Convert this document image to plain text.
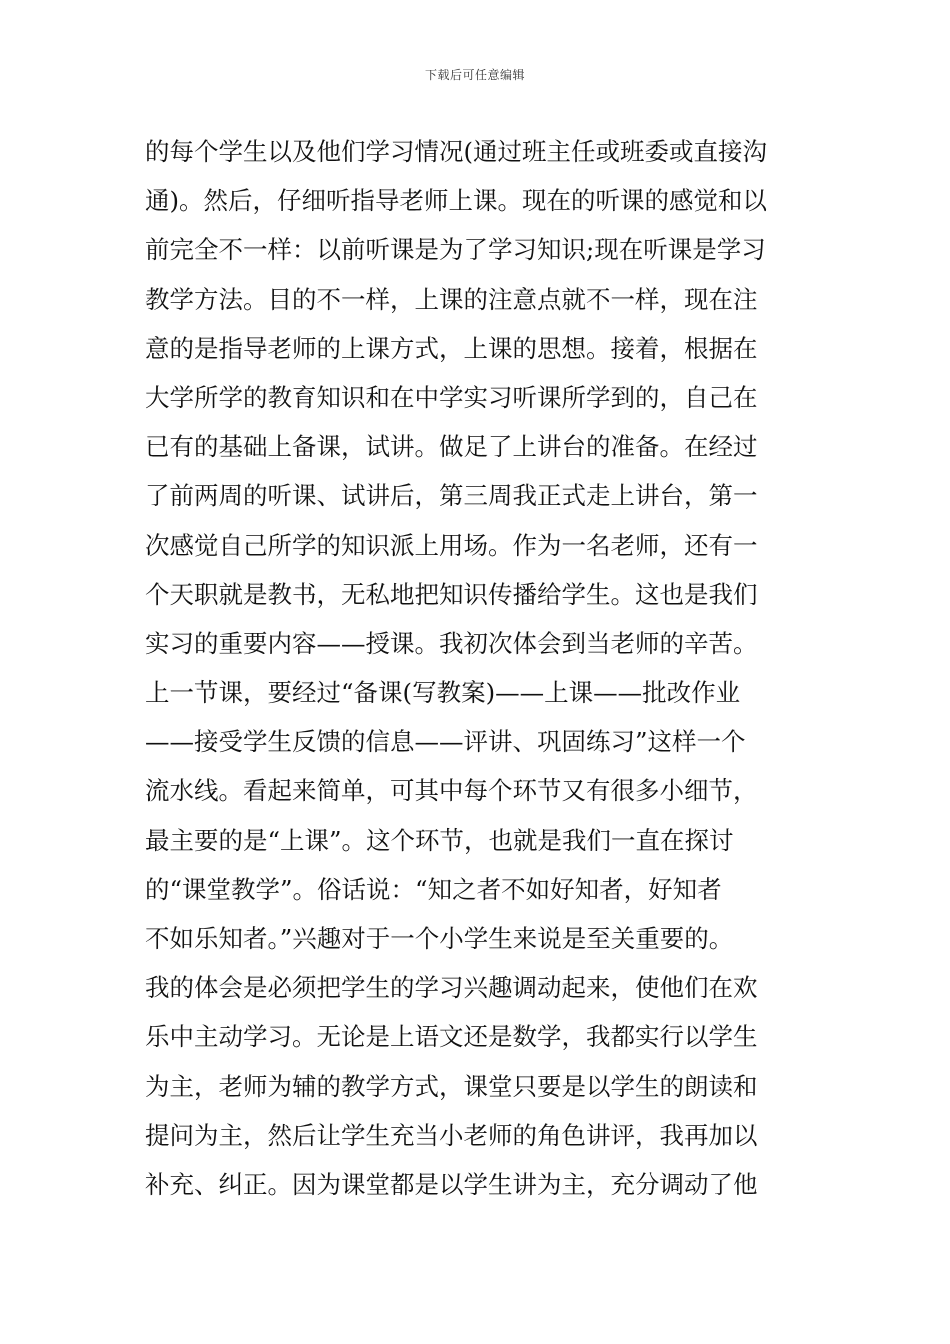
下载后可任意编辑
的每个学生以及他们学习情况(通过班主任或班委或直接沟
通)。然后，仔细听指导老师上课。现在的听课的感觉和以
前完全不一样：以前听课是为了学习知识;现在听课是学习
教学方法。目的不一样，上课的注意点就不一样，现在注
意的是指导老师的上课方式，上课的思想。接着，根据在
大学所学的教育知识和在中学实习听课所学到的，自己在
已有的基础上备课，试讲。做足了上讲台的准备。在经过
了前两周的听课、试讲后，第三周我正式走上讲台，第一
次感觉自己所学的知识派上用场。作为一名老师，还有一
个天职就是教书，无私地把知识传播给学生。这也是我们
实习的重要内容——授课。我初次体会到当老师的辛苦。
上一节课，要经过“备课(写教案)——上课——批改作业
——接受学生反馈的信息——评讲、巩固练习”这样一个
流水线。看起来简单，可其中每个环节又有很多小细节，
最主要的是“上课”。这个环节，也就是我们一直在探讨
的“课堂教学”。俗话说：“知之者不如好知者，好知者
不如乐知者。”兴趣对于一个小学生来说是至关重要的。
我的体会是必须把学生的学习兴趣调动起来，使他们在欢
乐中主动学习。无论是上语文还是数学，我都实行以学生
为主，老师为辅的教学方式，课堂只要是以学生的朗读和
提问为主，然后让学生充当小老师的角色讲评，我再加以
补充、纠正。因为课堂都是以学生讲为主，充分调动了他
